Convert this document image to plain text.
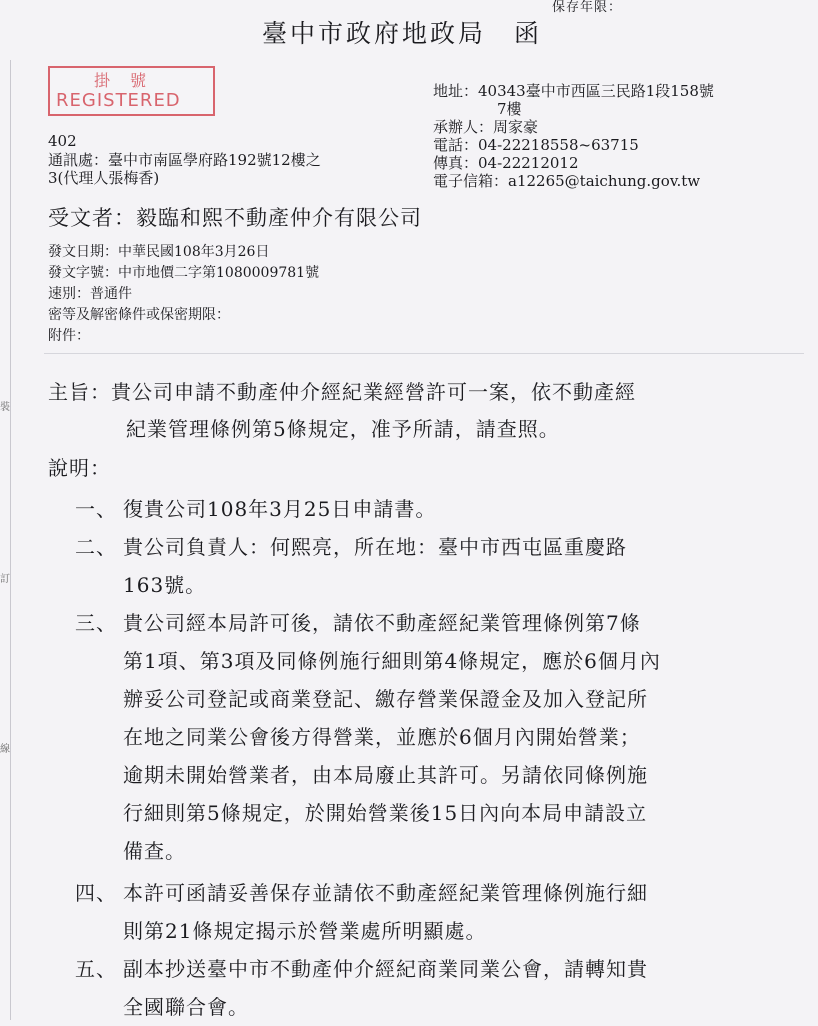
裝
訂
線
保存年限：
臺中市政府地政局　函
掛號
REGISTERED	地址：40343臺中市西區三民路1段158號
7樓
承辦人：周家豪
電話：04-22218558~63715
傳真：04-22212012
電子信箱：a12265@taichung.gov.tw
402
通訊處：臺中市南區學府路192號12樓之
3(代理人張梅香)
受文者：毅臨和熙不動產仲介有限公司
發文日期：中華民國108年3月26日
發文字號：中市地價二字第1080009781號
速別：普通件
密等及解密條件或保密期限：
附件：
主旨：貴公司申請不動產仲介經紀業經營許可一案，依不動產經
紀業管理條例第5條規定，准予所請，請查照。
說明：
一、 復貴公司108年3月25日申請書。
二、 貴公司負責人：何熙亮，所在地：臺中市西屯區重慶路
163號。
三、 貴公司經本局許可後，請依不動產經紀業管理條例第7條
第1項、第3項及同條例施行細則第4條規定，應於6個月內
辦妥公司登記或商業登記、繳存營業保證金及加入登記所
在地之同業公會後方得營業，並應於6個月內開始營業；
逾期未開始營業者，由本局廢止其許可。另請依同條例施
行細則第5條規定，於開始營業後15日內向本局申請設立
備查。
四、 本許可函請妥善保存並請依不動產經紀業管理條例施行細
則第21條規定揭示於營業處所明顯處。
五、 副本抄送臺中市不動產仲介經紀商業同業公會，請轉知貴
全國聯合會。
